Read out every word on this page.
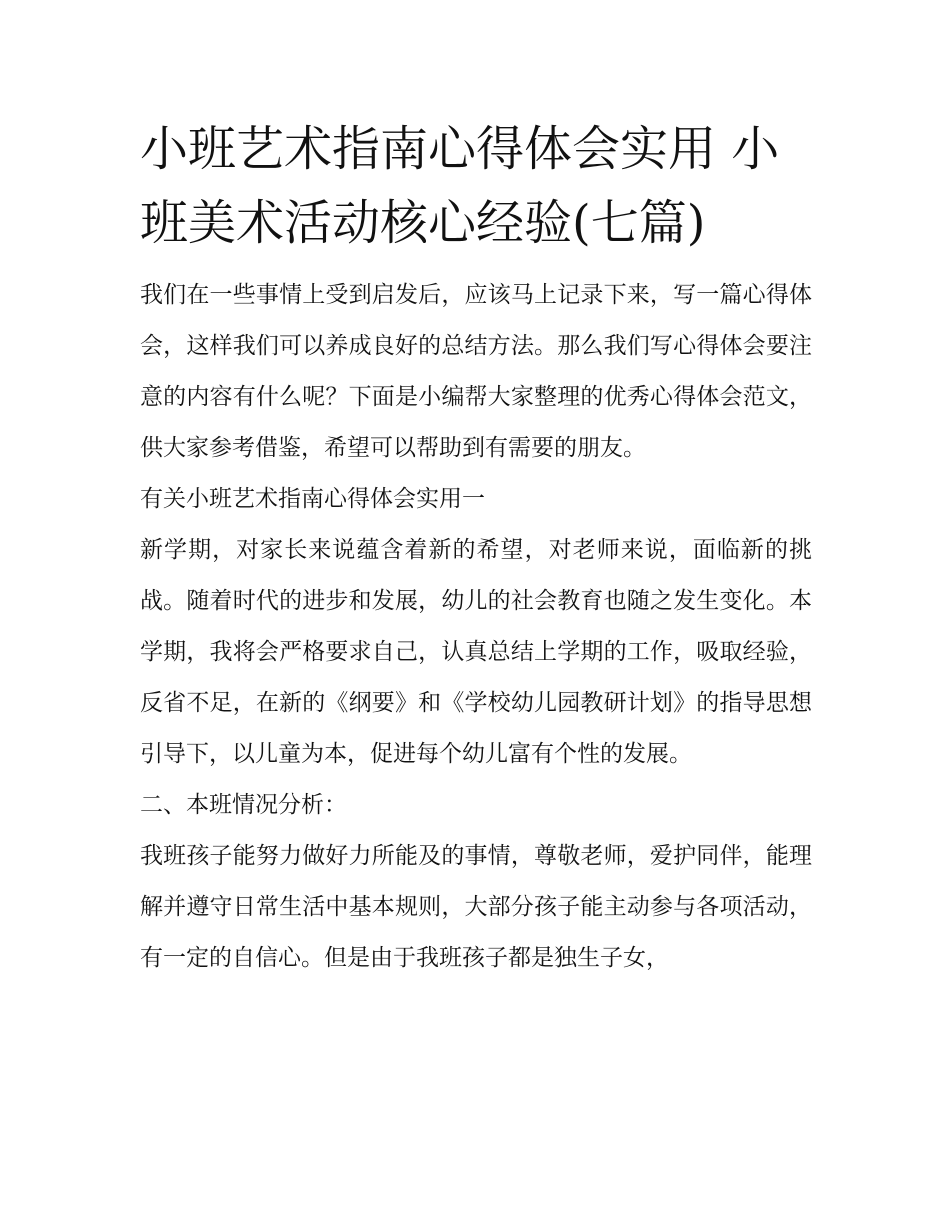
小班艺术指南心得体会实用 小班美术活动核心经验(七篇)

我们在一些事情上受到启发后，应该马上记录下来，写一篇心得体会，这样我们可以养成良好的总结方法。那么我们写心得体会要注意的内容有什么呢？下面是小编帮大家整理的优秀心得体会范文，供大家参考借鉴，希望可以帮助到有需要的朋友。

有关小班艺术指南心得体会实用一

新学期，对家长来说蕴含着新的希望，对老师来说，面临新的挑战。随着时代的进步和发展，幼儿的社会教育也随之发生变化。本学期，我将会严格要求自己，认真总结上学期的工作，吸取经验，反省不足，在新的《纲要》和《学校幼儿园教研计划》的指导思想引导下，以儿童为本，促进每个幼儿富有个性的发展。

二、本班情况分析：

我班孩子能努力做好力所能及的事情，尊敬老师，爱护同伴，能理解并遵守日常生活中基本规则，大部分孩子能主动参与各项活动，有一定的自信心。但是由于我班孩子都是独生子女，
